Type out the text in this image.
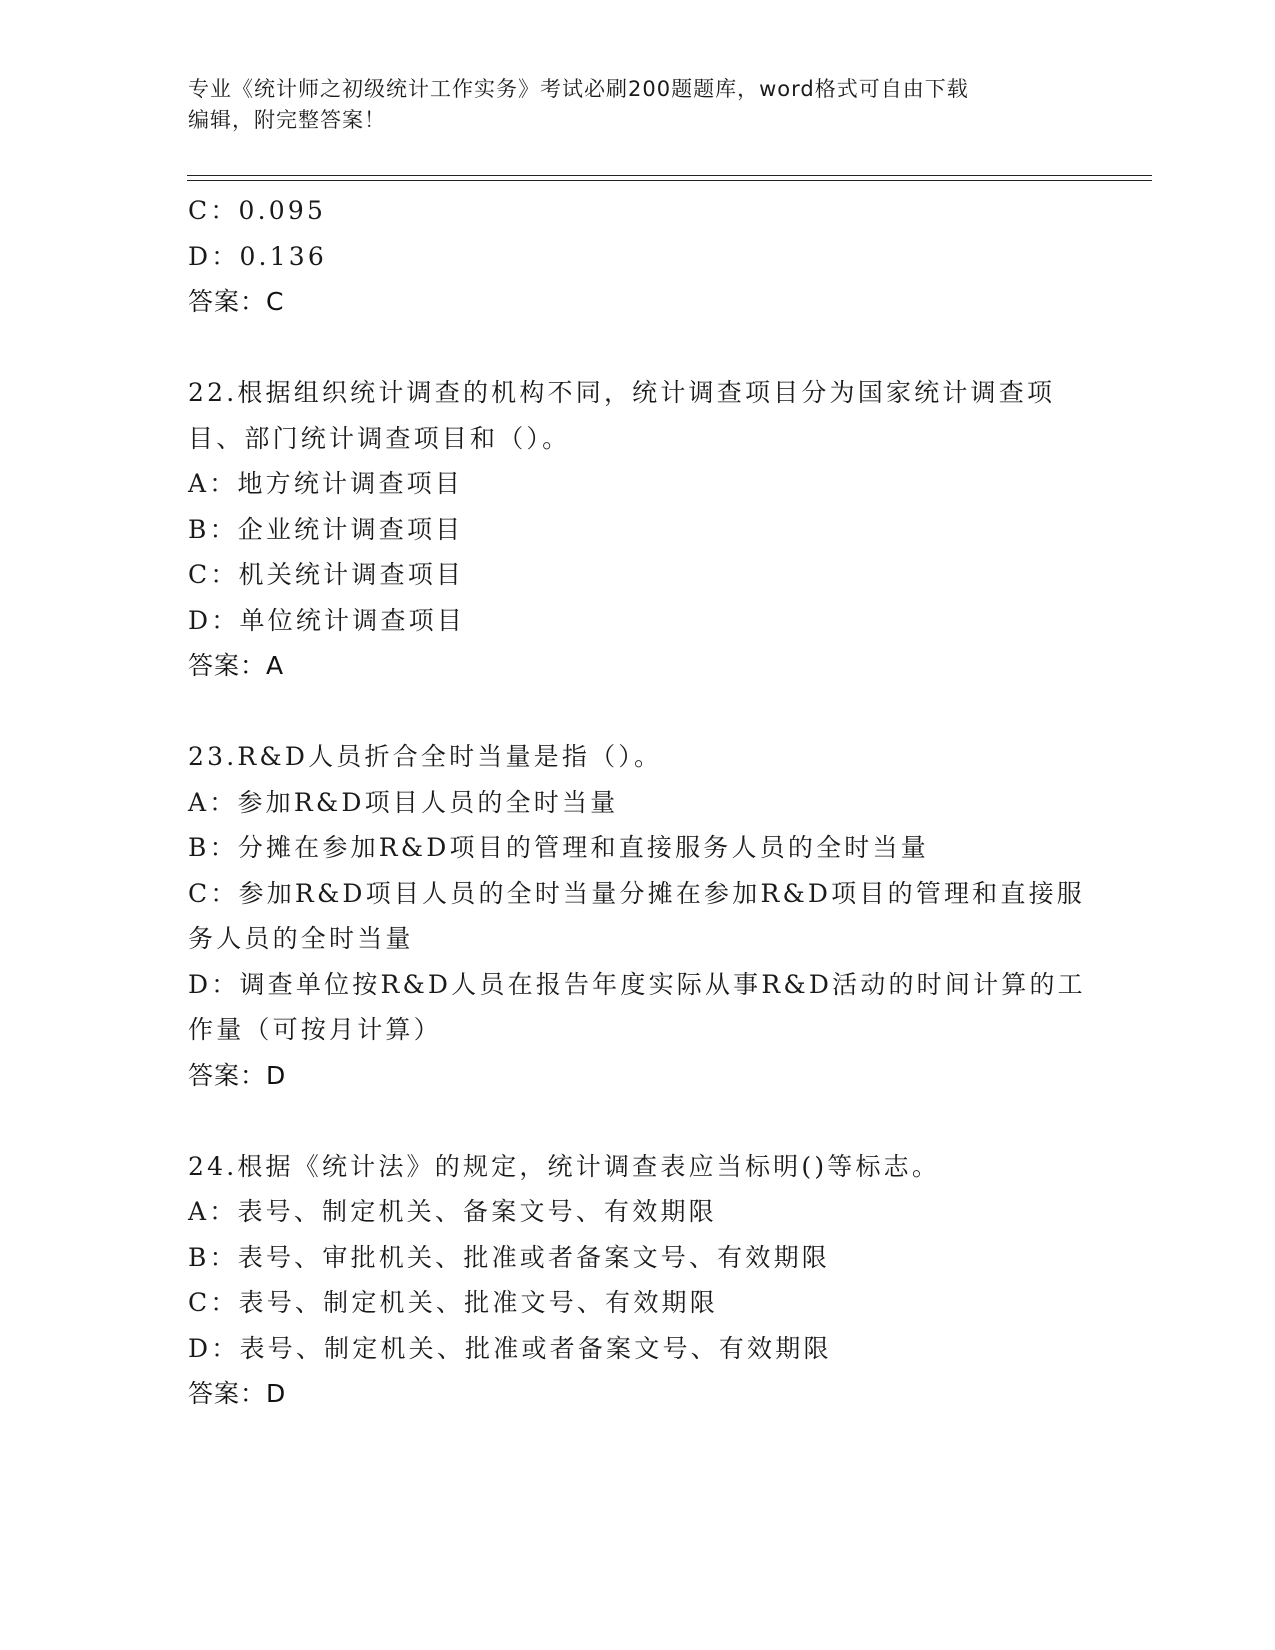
专业《统计师之初级统计工作实务》考试必刷200题题库，word格式可自由下载
编辑，附完整答案！
C：0.095
D：0.136
答案：C
22.根据组织统计调查的机构不同，统计调查项目分为国家统计调查项
目、部门统计调查项目和（）。
A：地方统计调查项目
B：企业统计调查项目
C：机关统计调查项目
D：单位统计调查项目
答案：A
23.R&D人员折合全时当量是指（）。
A：参加R&D项目人员的全时当量
B：分摊在参加R&D项目的管理和直接服务人员的全时当量
C：参加R&D项目人员的全时当量分摊在参加R&D项目的管理和直接服
务人员的全时当量
D：调查单位按R&D人员在报告年度实际从事R&D活动的时间计算的工
作量（可按月计算）
答案：D
24.根据《统计法》的规定，统计调查表应当标明()等标志。
A：表号、制定机关、备案文号、有效期限
B：表号、审批机关、批准或者备案文号、有效期限
C：表号、制定机关、批准文号、有效期限
D：表号、制定机关、批准或者备案文号、有效期限
答案：D
